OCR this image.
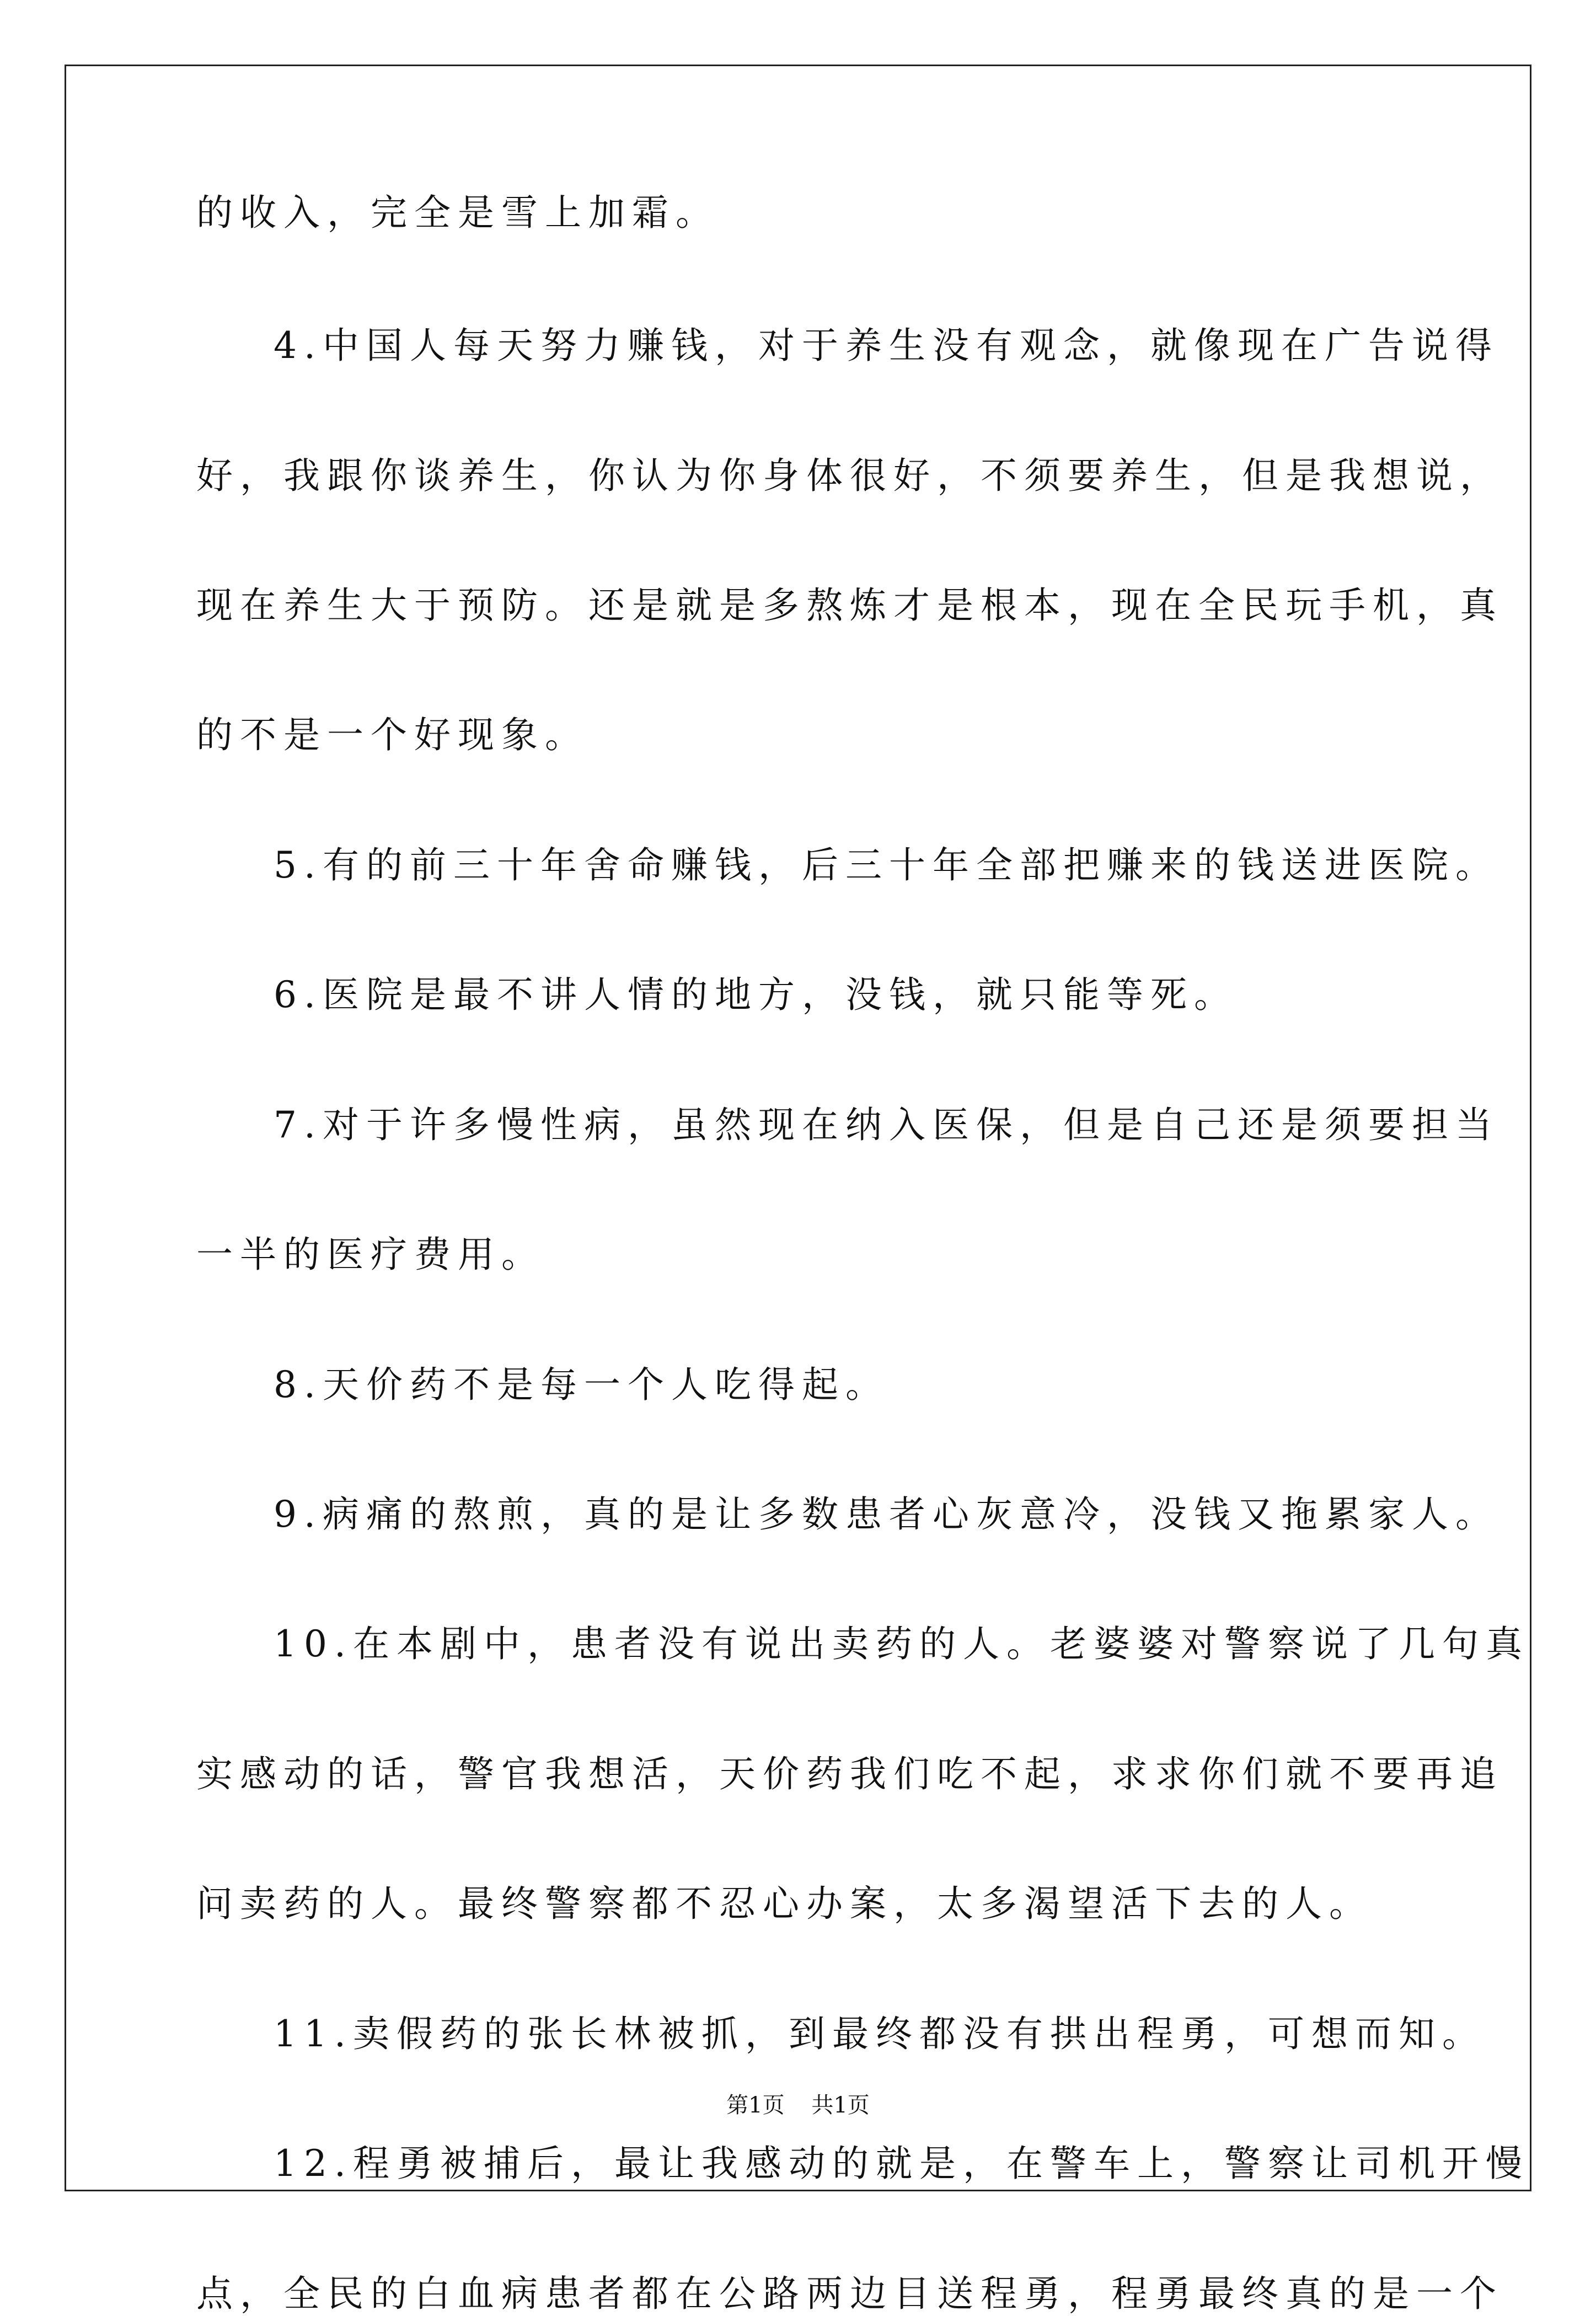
的收入，完全是雪上加霜。
4.中国人每天努力赚钱，对于养生没有观念，就像现在广告说得
好，我跟你谈养生，你认为你身体很好，不须要养生，但是我想说，
现在养生大于预防。还是就是多熬炼才是根本，现在全民玩手机，真
的不是一个好现象。
5.有的前三十年舍命赚钱，后三十年全部把赚来的钱送进医院。
6.医院是最不讲人情的地方，没钱，就只能等死。
7.对于许多慢性病，虽然现在纳入医保，但是自己还是须要担当
一半的医疗费用。
8.天价药不是每一个人吃得起。
9.病痛的熬煎，真的是让多数患者心灰意冷，没钱又拖累家人。
10.在本剧中，患者没有说出卖药的人。老婆婆对警察说了几句真
实感动的话，警官我想活，天价药我们吃不起，求求你们就不要再追
问卖药的人。最终警察都不忍心办案，太多渴望活下去的人。
11.卖假药的张长林被抓，到最终都没有拱出程勇，可想而知。
12.程勇被捕后，最让我感动的就是，在警车上，警察让司机开慢
点，全民的白血病患者都在公路两边目送程勇，程勇最终真的是一个
第1页 共1页
